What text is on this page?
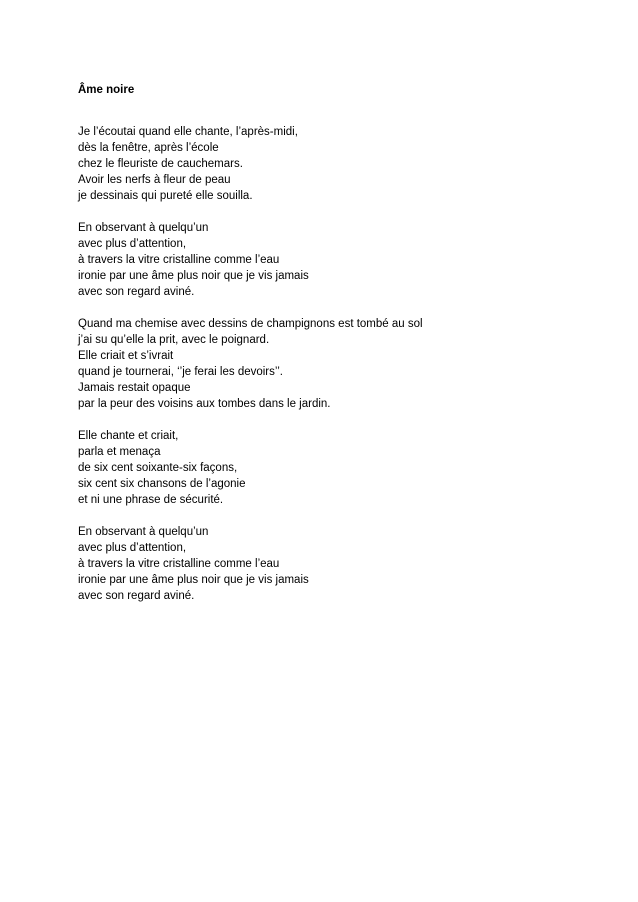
Âme noire
Je l’écoutai quand elle chante, l’après-midi,
dès la fenêtre, après l’école
chez le fleuriste de cauchemars.
Avoir les nerfs à fleur de peau
je dessinais qui pureté elle souilla.
En observant à quelqu’un
avec plus d’attention,
à travers la vitre cristalline comme l’eau
ironie par une âme plus noir que je vis jamais
avec son regard aviné.
Quand ma chemise avec dessins de champignons est tombé au sol
j’ai su qu’elle la prit, avec le poignard.
Elle criait et s’ivrait
quand je tournerai, ‘’je ferai les devoirs’’.
Jamais restait opaque
par la peur des voisins aux tombes dans le jardin.
Elle chante et criait,
parla et menaça
de six cent soixante-six façons,
six cent six chansons de l’agonie
et ni une phrase de sécurité.
En observant à quelqu’un
avec plus d’attention,
à travers la vitre cristalline comme l’eau
ironie par une âme plus noir que je vis jamais
avec son regard aviné.
